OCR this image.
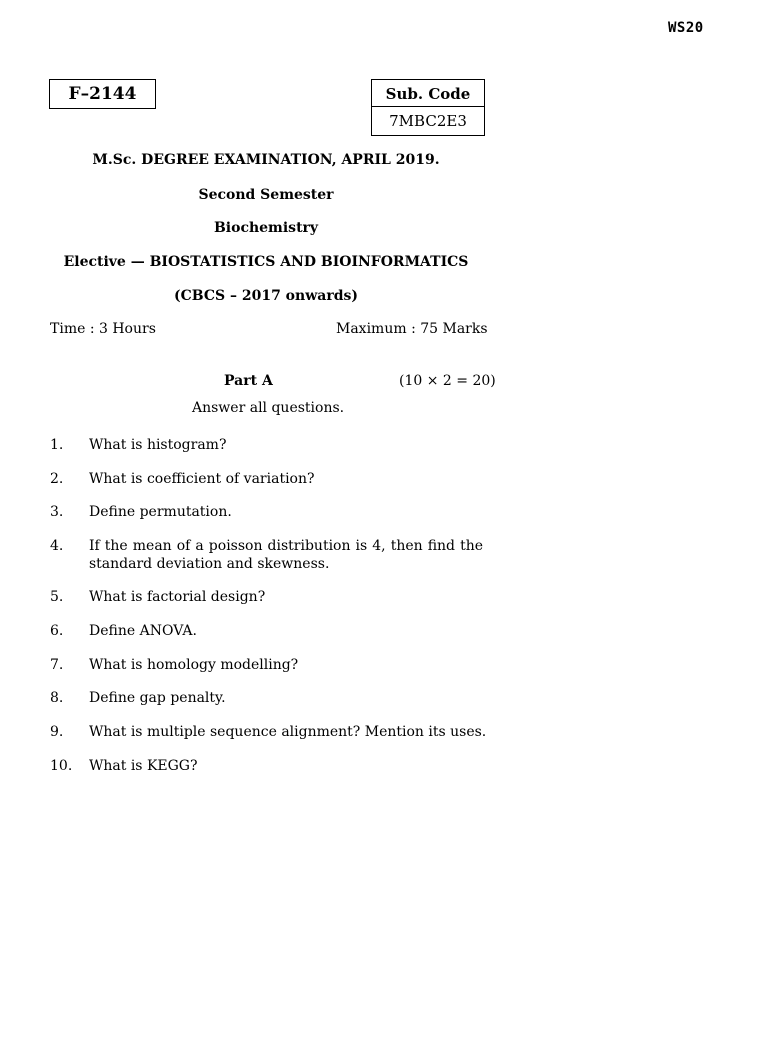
WS20
F–2144	Sub. Code
7MBC2E3
M.Sc. DEGREE EXAMINATION, APRIL 2019.
Second Semester
Biochemistry
Elective — BIOSTATISTICS AND BIOINFORMATICS
(CBCS – 2017 onwards)
Time : 3 Hours	Maximum : 75 Marks
Part A	(10 × 2 = 20)
Answer all questions.
1. What is histogram?
2. What is coefficient of variation?
3. Define permutation.
4. If the mean of a poisson distribution is 4, then find the standard deviation and skewness.
5. What is factorial design?
6. Define ANOVA.
7. What is homology modelling?
8. Define gap penalty.
9. What is multiple sequence alignment? Mention its uses.
10. What is KEGG?
